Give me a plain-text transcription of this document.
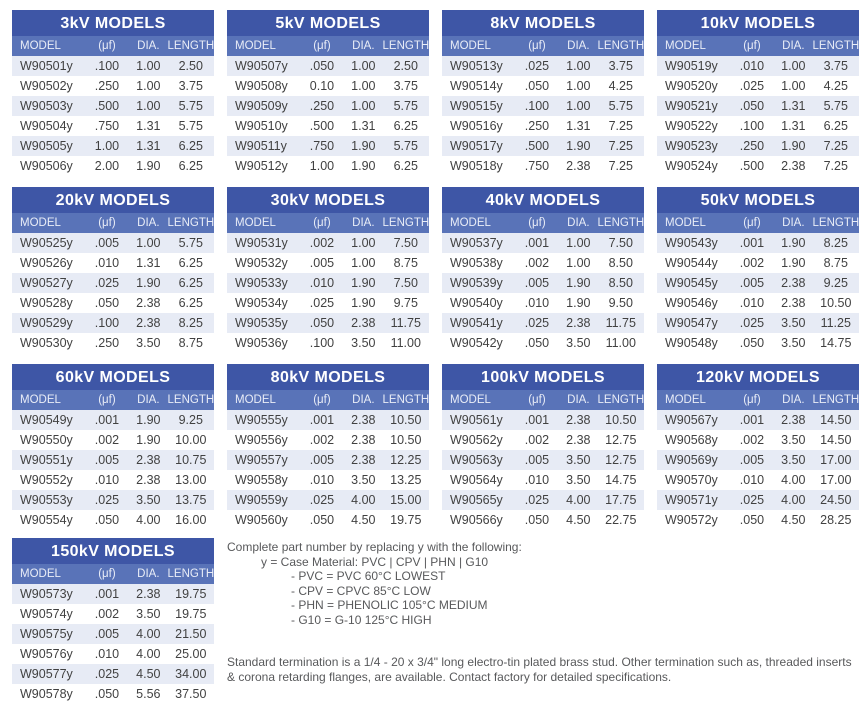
3kV MODELS
MODEL	(μf)	DIA.	LENGTH
W90501y	.100	1.00	2.50
W90502y	.250	1.00	3.75
W90503y	.500	1.00	5.75
W90504y	.750	1.31	5.75
W90505y	1.00	1.31	6.25
W90506y	2.00	1.90	6.25
5kV MODELS
MODEL	(μf)	DIA.	LENGTH
W90507y	.050	1.00	2.50
W90508y	0.10	1.00	3.75
W90509y	.250	1.00	5.75
W90510y	.500	1.31	6.25
W90511y	.750	1.90	5.75
W90512y	1.00	1.90	6.25
8kV MODELS
MODEL	(μf)	DIA.	LENGTH
W90513y	.025	1.00	3.75
W90514y	.050	1.00	4.25
W90515y	.100	1.00	5.75
W90516y	.250	1.31	7.25
W90517y	.500	1.90	7.25
W90518y	.750	2.38	7.25
10kV MODELS
MODEL	(μf)	DIA.	LENGTH
W90519y	.010	1.00	3.75
W90520y	.025	1.00	4.25
W90521y	.050	1.31	5.75
W90522y	.100	1.31	6.25
W90523y	.250	1.90	7.25
W90524y	.500	2.38	7.25
20kV MODELS
MODEL	(μf)	DIA.	LENGTH
W90525y	.005	1.00	5.75
W90526y	.010	1.31	6.25
W90527y	.025	1.90	6.25
W90528y	.050	2.38	6.25
W90529y	.100	2.38	8.25
W90530y	.250	3.50	8.75
30kV MODELS
MODEL	(μf)	DIA.	LENGTH
W90531y	.002	1.00	7.50
W90532y	.005	1.00	8.75
W90533y	.010	1.90	7.50
W90534y	.025	1.90	9.75
W90535y	.050	2.38	11.75
W90536y	.100	3.50	11.00
40kV MODELS
MODEL	(μf)	DIA.	LENGTH
W90537y	.001	1.00	7.50
W90538y	.002	1.00	8.50
W90539y	.005	1.90	8.50
W90540y	.010	1.90	9.50
W90541y	.025	2.38	11.75
W90542y	.050	3.50	11.00
50kV MODELS
MODEL	(μf)	DIA.	LENGTH
W90543y	.001	1.90	8.25
W90544y	.002	1.90	8.75
W90545y	.005	2.38	9.25
W90546y	.010	2.38	10.50
W90547y	.025	3.50	11.25
W90548y	.050	3.50	14.75
60kV MODELS
MODEL	(μf)	DIA.	LENGTH
W90549y	.001	1.90	9.25
W90550y	.002	1.90	10.00
W90551y	.005	2.38	10.75
W90552y	.010	2.38	13.00
W90553y	.025	3.50	13.75
W90554y	.050	4.00	16.00
80kV MODELS
MODEL	(μf)	DIA.	LENGTH
W90555y	.001	2.38	10.50
W90556y	.002	2.38	10.50
W90557y	.005	2.38	12.25
W90558y	.010	3.50	13.25
W90559y	.025	4.00	15.00
W90560y	.050	4.50	19.75
100kV MODELS
MODEL	(μf)	DIA.	LENGTH
W90561y	.001	2.38	10.50
W90562y	.002	2.38	12.75
W90563y	.005	3.50	12.75
W90564y	.010	3.50	14.75
W90565y	.025	4.00	17.75
W90566y	.050	4.50	22.75
120kV MODELS
MODEL	(μf)	DIA.	LENGTH
W90567y	.001	2.38	14.50
W90568y	.002	3.50	14.50
W90569y	.005	3.50	17.00
W90570y	.010	4.00	17.00
W90571y	.025	4.00	24.50
W90572y	.050	4.50	28.25
150kV MODELS
MODEL	(μf)	DIA.	LENGTH
W90573y	.001	2.38	19.75
W90574y	.002	3.50	19.75
W90575y	.005	4.00	21.50
W90576y	.010	4.00	25.00
W90577y	.025	4.50	34.00
W90578y	.050	5.56	37.50
Complete part number by replacing y with the following:
y = Case Material: PVC | CPV | PHN | G10
- PVC = PVC 60°C LOWEST
- CPV = CPVC 85°C LOW
- PHN = PHENOLIC 105°C MEDIUM
- G10 = G-10 125°C HIGH
Standard termination is a 1/4 - 20 x 3/4" long electro-tin plated brass stud. Other termination such as, threaded inserts & corona retarding flanges, are available. Contact factory for detailed specifications.
